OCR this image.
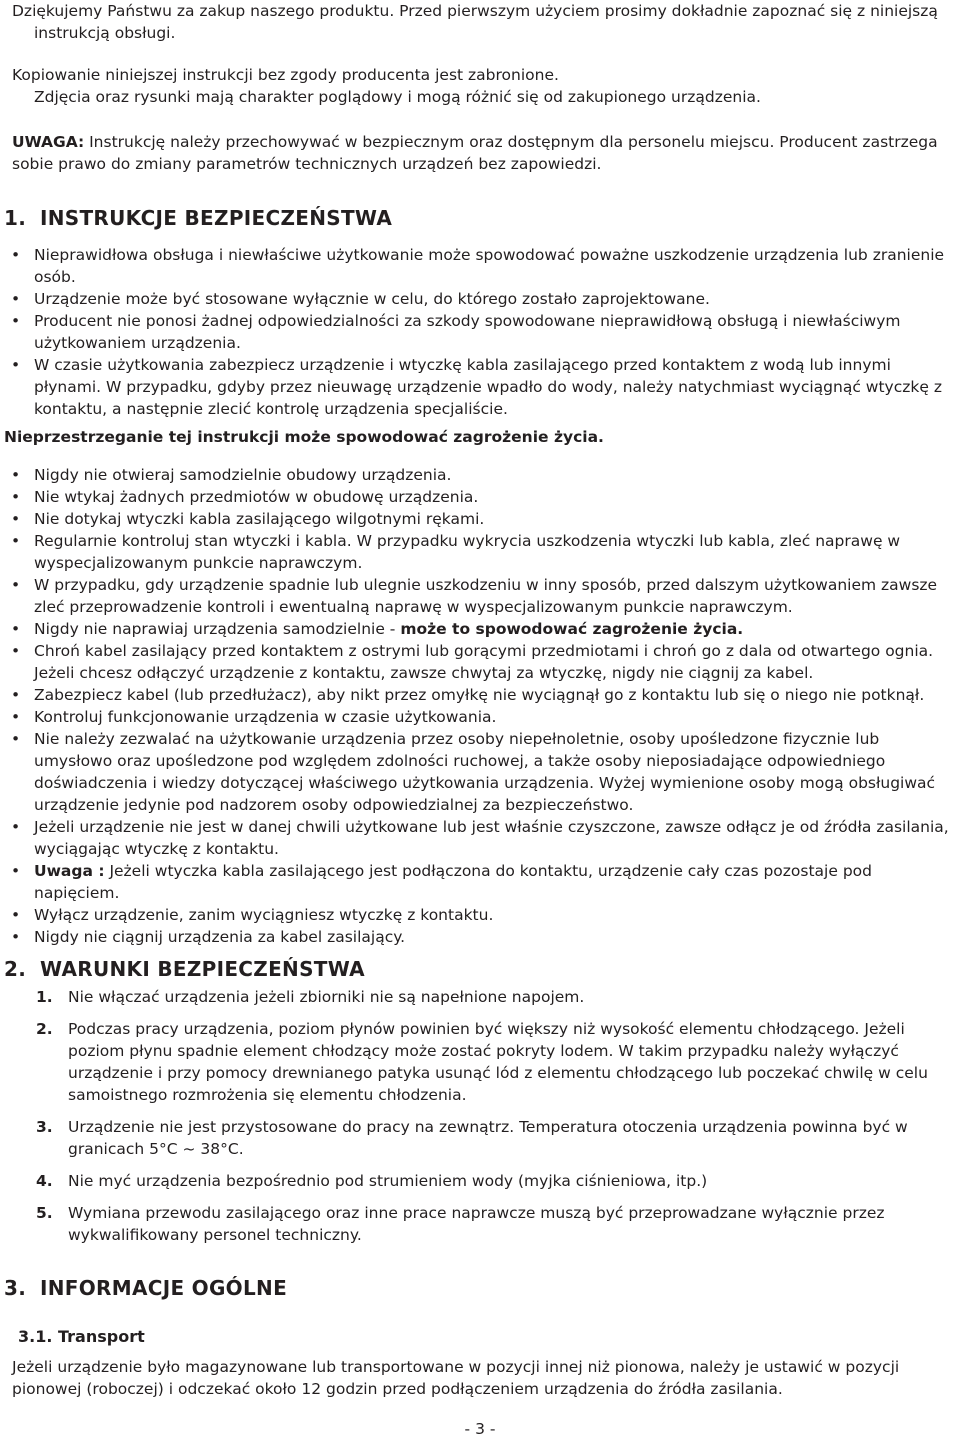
Dziękujemy Państwu za zakup naszego produktu. Przed pierwszym użyciem prosimy dokładnie zapoznać się z niniejszą
instrukcją obsługi.
Kopiowanie niniejszej instrukcji bez zgody producenta jest zabronione.
Zdjęcia oraz rysunki mają charakter poglądowy i mogą różnić się od zakupionego urządzenia.
UWAGA: Instrukcję należy przechowywać w bezpiecznym oraz dostępnym dla personelu miejscu. Producent zastrzega sobie prawo do zmiany parametrów technicznych urządzeń bez zapowiedzi.
1. INSTRUKCJE BEZPIECZEŃSTWA
• Nieprawidłowa obsługa i niewłaściwe użytkowanie może spowodować poważne uszkodzenie urządzenia lub zranienie osób.
• Urządzenie może być stosowane wyłącznie w celu, do którego zostało zaprojektowane.
• Producent nie ponosi żadnej odpowiedzialności za szkody spowodowane nieprawidłową obsługą i niewłaściwym użytkowaniem urządzenia.
• W czasie użytkowania zabezpiecz urządzenie i wtyczkę kabla zasilającego przed kontaktem z wodą lub innymi płynami. W przypadku, gdyby przez nieuwagę urządzenie wpadło do wody, należy natychmiast wyciągnąć wtyczkę z kontaktu, a następnie zlecić kontrolę urządzenia specjaliście.
Nieprzestrzeganie tej instrukcji może spowodować zagrożenie życia.
• Nigdy nie otwieraj samodzielnie obudowy urządzenia.
• Nie wtykaj żadnych przedmiotów w obudowę urządzenia.
• Nie dotykaj wtyczki kabla zasilającego wilgotnymi rękami.
• Regularnie kontroluj stan wtyczki i kabla. W przypadku wykrycia uszkodzenia wtyczki lub kabla, zleć naprawę w wyspecjalizowanym punkcie naprawczym.
• W przypadku, gdy urządzenie spadnie lub ulegnie uszkodzeniu w inny sposób, przed dalszym użytkowaniem zawsze zleć przeprowadzenie kontroli i ewentualną naprawę w wyspecjalizowanym punkcie naprawczym.
• Nigdy nie naprawiaj urządzenia samodzielnie - może to spowodować zagrożenie życia.
• Chroń kabel zasilający przed kontaktem z ostrymi lub gorącymi przedmiotami i chroń go z dala od otwartego ognia. Jeżeli chcesz odłączyć urządzenie z kontaktu, zawsze chwytaj za wtyczkę, nigdy nie ciągnij za kabel.
• Zabezpiecz kabel (lub przedłużacz), aby nikt przez omyłkę nie wyciągnął go z kontaktu lub się o niego nie potknął.
• Kontroluj funkcjonowanie urządzenia w czasie użytkowania.
• Nie należy zezwalać na użytkowanie urządzenia przez osoby niepełnoletnie, osoby upośledzone fizycznie lub umysłowo oraz upośledzone pod względem zdolności ruchowej, a także osoby nieposiadające odpowiedniego doświadczenia i wiedzy dotyczącej właściwego użytkowania urządzenia. Wyżej wymienione osoby mogą obsługiwać urządzenie jedynie pod nadzorem osoby odpowiedzialnej za bezpieczeństwo.
• Jeżeli urządzenie nie jest w danej chwili użytkowane lub jest właśnie czyszczone, zawsze odłącz je od źródła zasilania, wyciągając wtyczkę z kontaktu.
• Uwaga : Jeżeli wtyczka kabla zasilającego jest podłączona do kontaktu, urządzenie cały czas pozostaje pod napięciem.
• Wyłącz urządzenie, zanim wyciągniesz wtyczkę z kontaktu.
• Nigdy nie ciągnij urządzenia za kabel zasilający.
2. WARUNKI BEZPIECZEŃSTWA
1. Nie włączać urządzenia jeżeli zbiorniki nie są napełnione napojem.
2. Podczas pracy urządzenia, poziom płynów powinien być większy niż wysokość elementu chłodzącego. Jeżeli poziom płynu spadnie element chłodzący może zostać pokryty lodem. W takim przypadku należy wyłączyć urządzenie i przy pomocy drewnianego patyka usunąć lód z elementu chłodzącego lub poczekać chwilę w celu samoistnego rozmrożenia się elementu chłodzenia.
3. Urządzenie nie jest przystosowane do pracy na zewnątrz. Temperatura otoczenia urządzenia powinna być w granicach 5°C ~ 38°C.
4. Nie myć urządzenia bezpośrednio pod strumieniem wody (myjka ciśnieniowa, itp.)
5. Wymiana przewodu zasilającego oraz inne prace naprawcze muszą być przeprowadzane wyłącznie przez wykwalifikowany personel techniczny.
3. INFORMACJE OGÓLNE
3.1. Transport
Jeżeli urządzenie było magazynowane lub transportowane w pozycji innej niż pionowa, należy je ustawić w pozycji pionowej (roboczej) i odczekać około 12 godzin przed podłączeniem urządzenia do źródła zasilania.
- 3 -
